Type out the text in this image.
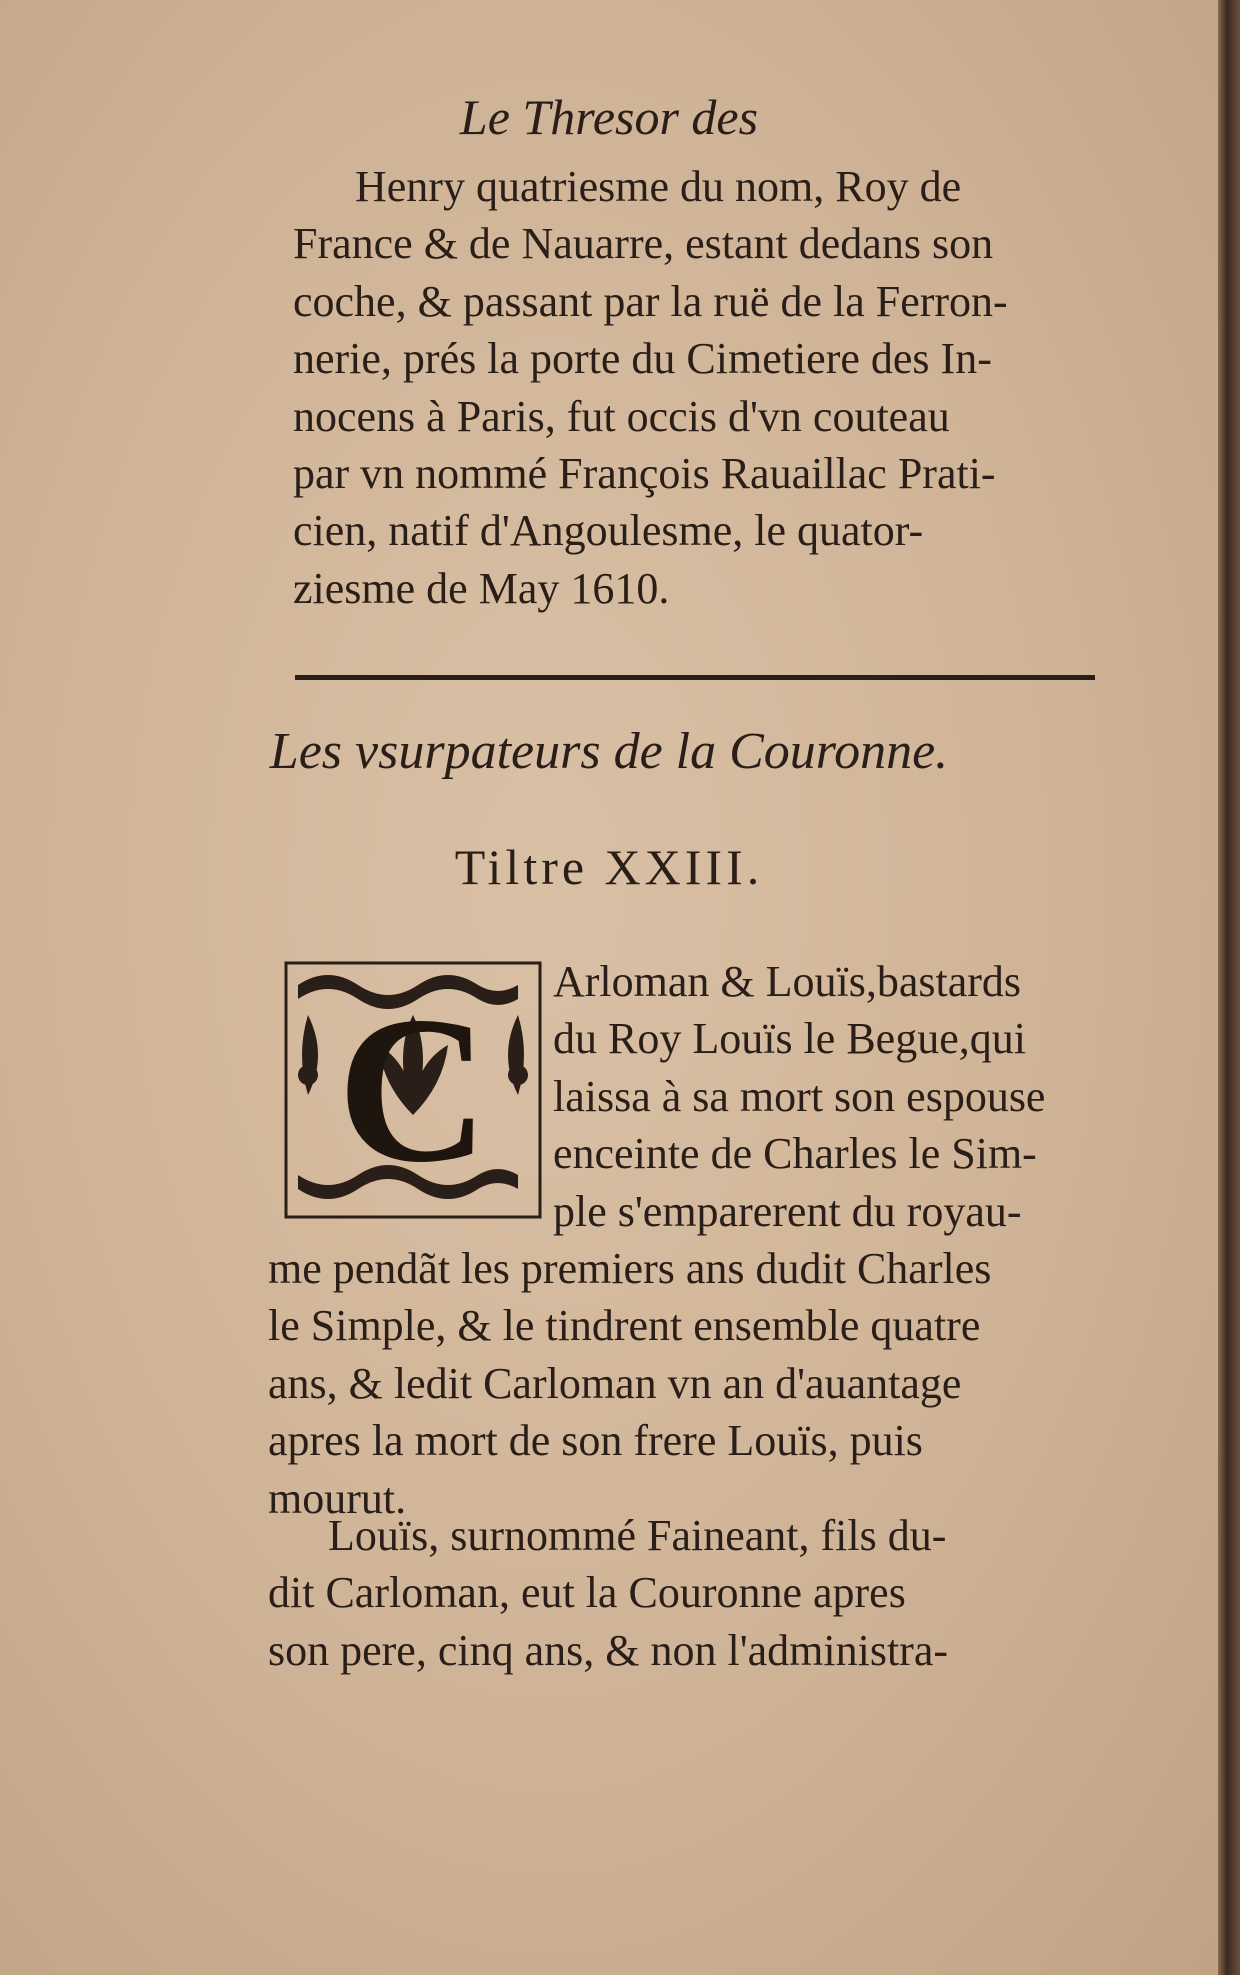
Le Thresor des
Henry quatriesme du nom, Roy de
France & de Nauarre, estant dedans son
coche, & passant par la ruë de la Ferron-
nerie, prés la porte du Cimetiere des In-
nocens à Paris, fut occis d'vn couteau
par vn nommé François Rauaillac Prati-
cien, natif d'Angoulesme, le quator-
ziesme de May 1610.
Les vsurpateurs de la Couronne.
Tiltre XXIII.
C	Arloman & Louïs,bastards
du Roy Louïs le Begue,qui
laissa à sa mort son espouse
enceinte de Charles le Sim-
ple s'emparerent du royau-
me pendãt les premiers ans dudit Charles
le Simple, & le tindrent ensemble quatre
ans, & ledit Carloman vn an d'auantage
apres la mort de son frere Louïs, puis
mourut.
Louïs, surnommé Faineant, fils du-
dit Carloman, eut la Couronne apres
son pere, cinq ans, & non l'administra-
